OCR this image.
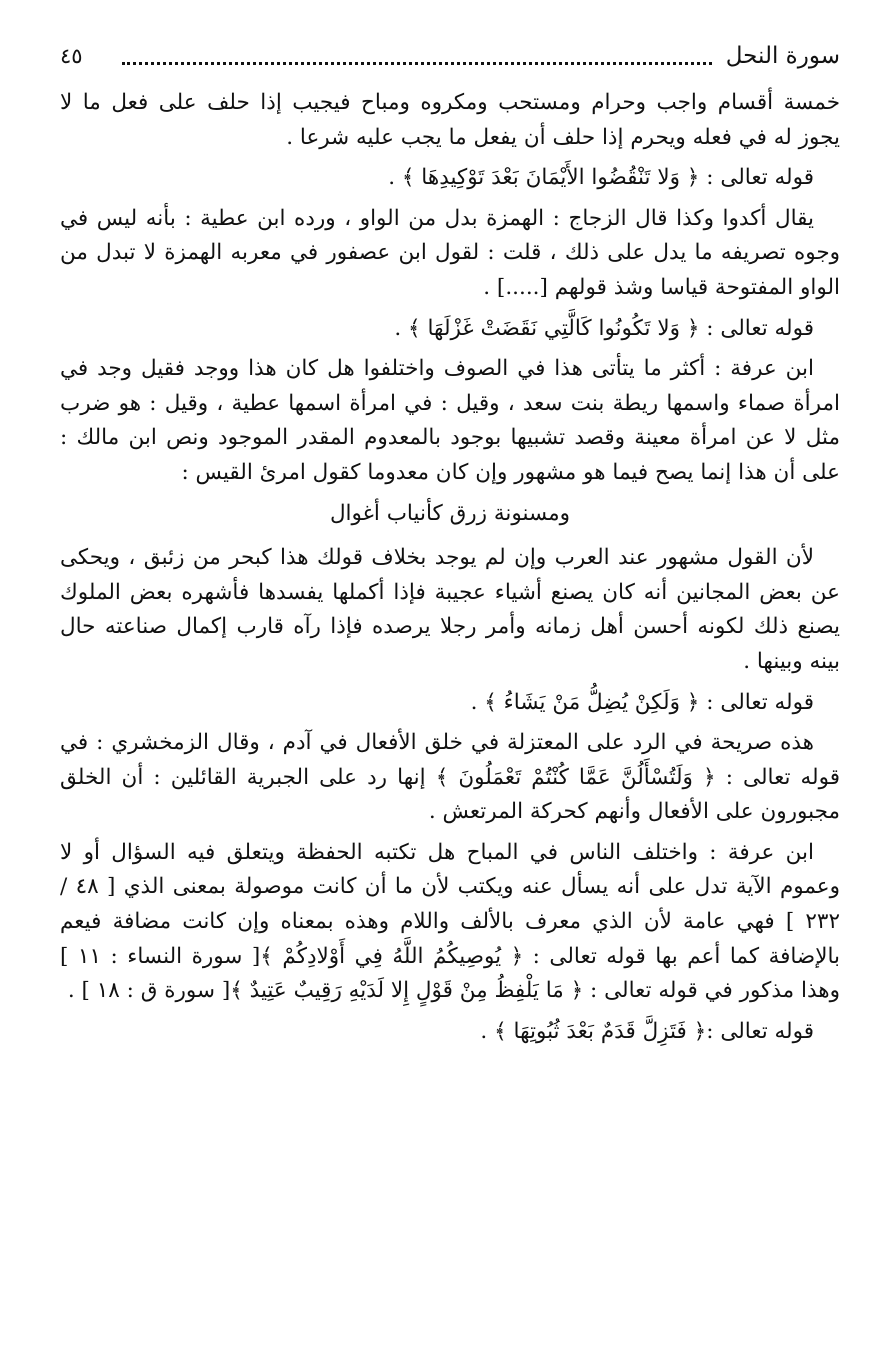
سورة النحل
٤٥

خمسة أقسام واجب وحرام ومستحب ومكروه ومباح فيجيب إذا حلف على فعل ما لا يجوز له في فعله ويحرم إذا حلف أن يفعل ما يجب عليه شرعا .

قوله تعالى : ﴿ وَلا تَنْقُضُوا الأَيْمَانَ بَعْدَ تَوْكِيدِهَا ﴾ .

يقال أكدوا وكذا قال الزجاج : الهمزة بدل من الواو ، ورده ابن عطية : بأنه ليس في وجوه تصريفه ما يدل على ذلك ، قلت : لقول ابن عصفور في معربه الهمزة لا تبدل من الواو المفتوحة قياسا وشذ قولهم [.....] .

قوله تعالى : ﴿ وَلا تَكُونُوا كَالَّتِي نَقَضَتْ غَزْلَهَا ﴾ .

ابن عرفة : أكثر ما يتأتى هذا في الصوف واختلفوا هل كان هذا ووجد فقيل وجد في امرأة صماء واسمها ريطة بنت سعد ، وقيل : في امرأة اسمها عطية ، وقيل : هو ضرب مثل لا عن امرأة معينة وقصد تشبيها بوجود بالمعدوم المقدر الموجود ونص ابن مالك : على أن هذا إنما يصح فيما هو مشهور وإن كان معدوما كقول امرئ القيس :

ومسنونة زرق كأنياب أغوال

لأن القول مشهور عند العرب وإن لم يوجد بخلاف قولك هذا كبحر من زئبق ، ويحكى عن بعض المجانين أنه كان يصنع أشياء عجيبة فإذا أكملها يفسدها فأشهره بعض الملوك يصنع ذلك لكونه أحسن أهل زمانه وأمر رجلا يرصده فإذا رآه قارب إكمال صناعته حال بينه وبينها .

قوله تعالى : ﴿ وَلَكِنْ يُضِلُّ مَنْ يَشَاءُ ﴾ .

هذه صريحة في الرد على المعتزلة في خلق الأفعال في آدم ، وقال الزمخشري : في قوله تعالى : ﴿ وَلَتُسْأَلُنَّ عَمَّا كُنْتُمْ تَعْمَلُونَ ﴾ إنها رد على الجبرية القائلين : أن الخلق مجبورون على الأفعال وأنهم كحركة المرتعش .

ابن عرفة : واختلف الناس في المباح هل تكتبه الحفظة ويتعلق فيه السؤال أو لا وعموم الآية تدل على أنه يسأل عنه ويكتب لأن ما أن كانت موصولة بمعنى الذي [ ٤٨ / ٢٣٢ ] فهي عامة لأن الذي معرف بالألف واللام وهذه بمعناه وإن كانت مضافة فيعم بالإضافة كما أعم بها قوله تعالى : ﴿ يُوصِيكُمُ اللَّهُ فِي أَوْلادِكُمْ ﴾[ سورة النساء : ١١ ] وهذا مذكور في قوله تعالى : ﴿ مَا يَلْفِظُ مِنْ قَوْلٍ إِلا لَدَيْهِ رَقِيبٌ عَتِيدٌ ﴾[ سورة ق : ١٨ ] .

قوله تعالى :﴿ فَتَزِلَّ قَدَمٌ بَعْدَ ثُبُوتِهَا ﴾ .
